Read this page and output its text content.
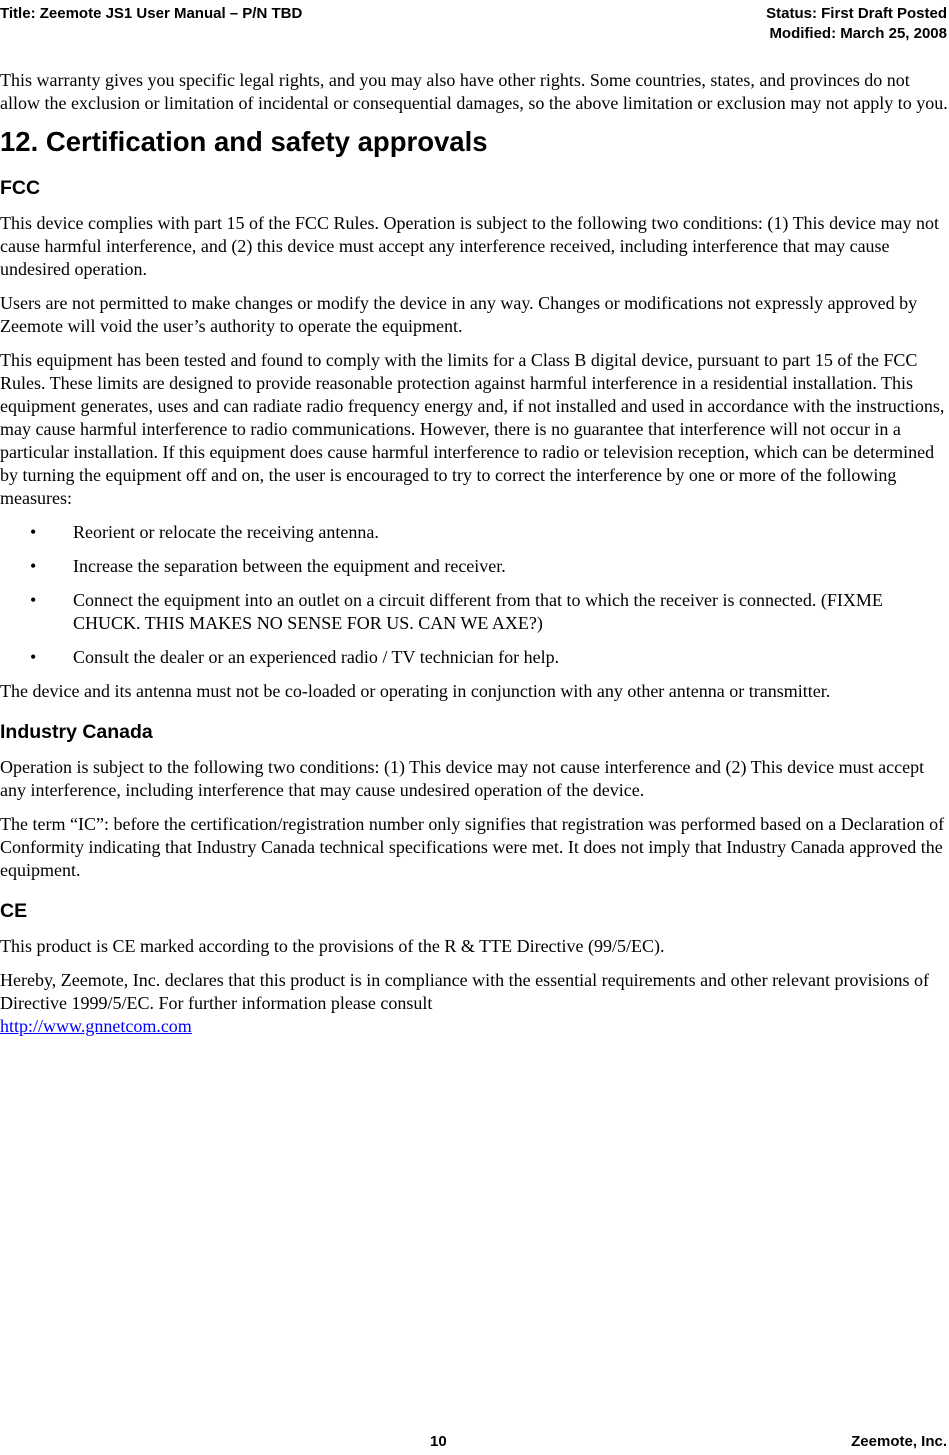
Title: Zeemote JS1 User Manual – P/N TBD	Status: First Draft Posted
Modified: March 25, 2008

This warranty gives you specific legal rights, and you may also have other rights. Some countries, states, and provinces do not allow the exclusion or limitation of incidental or consequential damages, so the above limitation or exclusion may not apply to you.

12. Certification and safety approvals
FCC

This device complies with part 15 of the FCC Rules. Operation is subject to the following two conditions: (1) This device may not cause harmful interference, and (2) this device must accept any interference received, including interference that may cause undesired operation.

Users are not permitted to make changes or modify the device in any way. Changes or modifications not expressly approved by Zeemote will void the user’s authority to operate the equipment.

This equipment has been tested and found to comply with the limits for a Class B digital device, pursuant to part 15 of the FCC Rules. These limits are designed to provide reasonable protection against harmful interference in a residential installation. This equipment generates, uses and can radiate radio frequency energy and, if not installed and used in accordance with the instructions, may cause harmful interference to radio communications. However, there is no guarantee that interference will not occur in a particular installation. If this equipment does cause harmful interference to radio or television reception, which can be determined by turning the equipment off and on, the user is encouraged to try to correct the interference by one or more of the following measures:

• Reorient or relocate the receiving antenna.
• Increase the separation between the equipment and receiver.
• Connect the equipment into an outlet on a circuit different from that to which the receiver is connected. (FIXME CHUCK. THIS MAKES NO SENSE FOR US. CAN WE AXE?)
• Consult the dealer or an experienced radio / TV technician for help.

The device and its antenna must not be co-loaded or operating in conjunction with any other antenna or transmitter.

Industry Canada

Operation is subject to the following two conditions: (1) This device may not cause interference and (2) This device must accept any interference, including interference that may cause undesired operation of the device.

The term “IC”: before the certification/registration number only signifies that registration was performed based on a Declaration of Conformity indicating that Industry Canada technical specifications were met. It does not imply that Industry Canada approved the equipment.

CE

This product is CE marked according to the provisions of the R & TTE Directive (99/5/EC).

Hereby, Zeemote, Inc. declares that this product is in compliance with the essential requirements and other relevant provisions of Directive 1999/5/EC. For further information please consult
http://www.gnnetcom.com

10	Zeemote, Inc.
